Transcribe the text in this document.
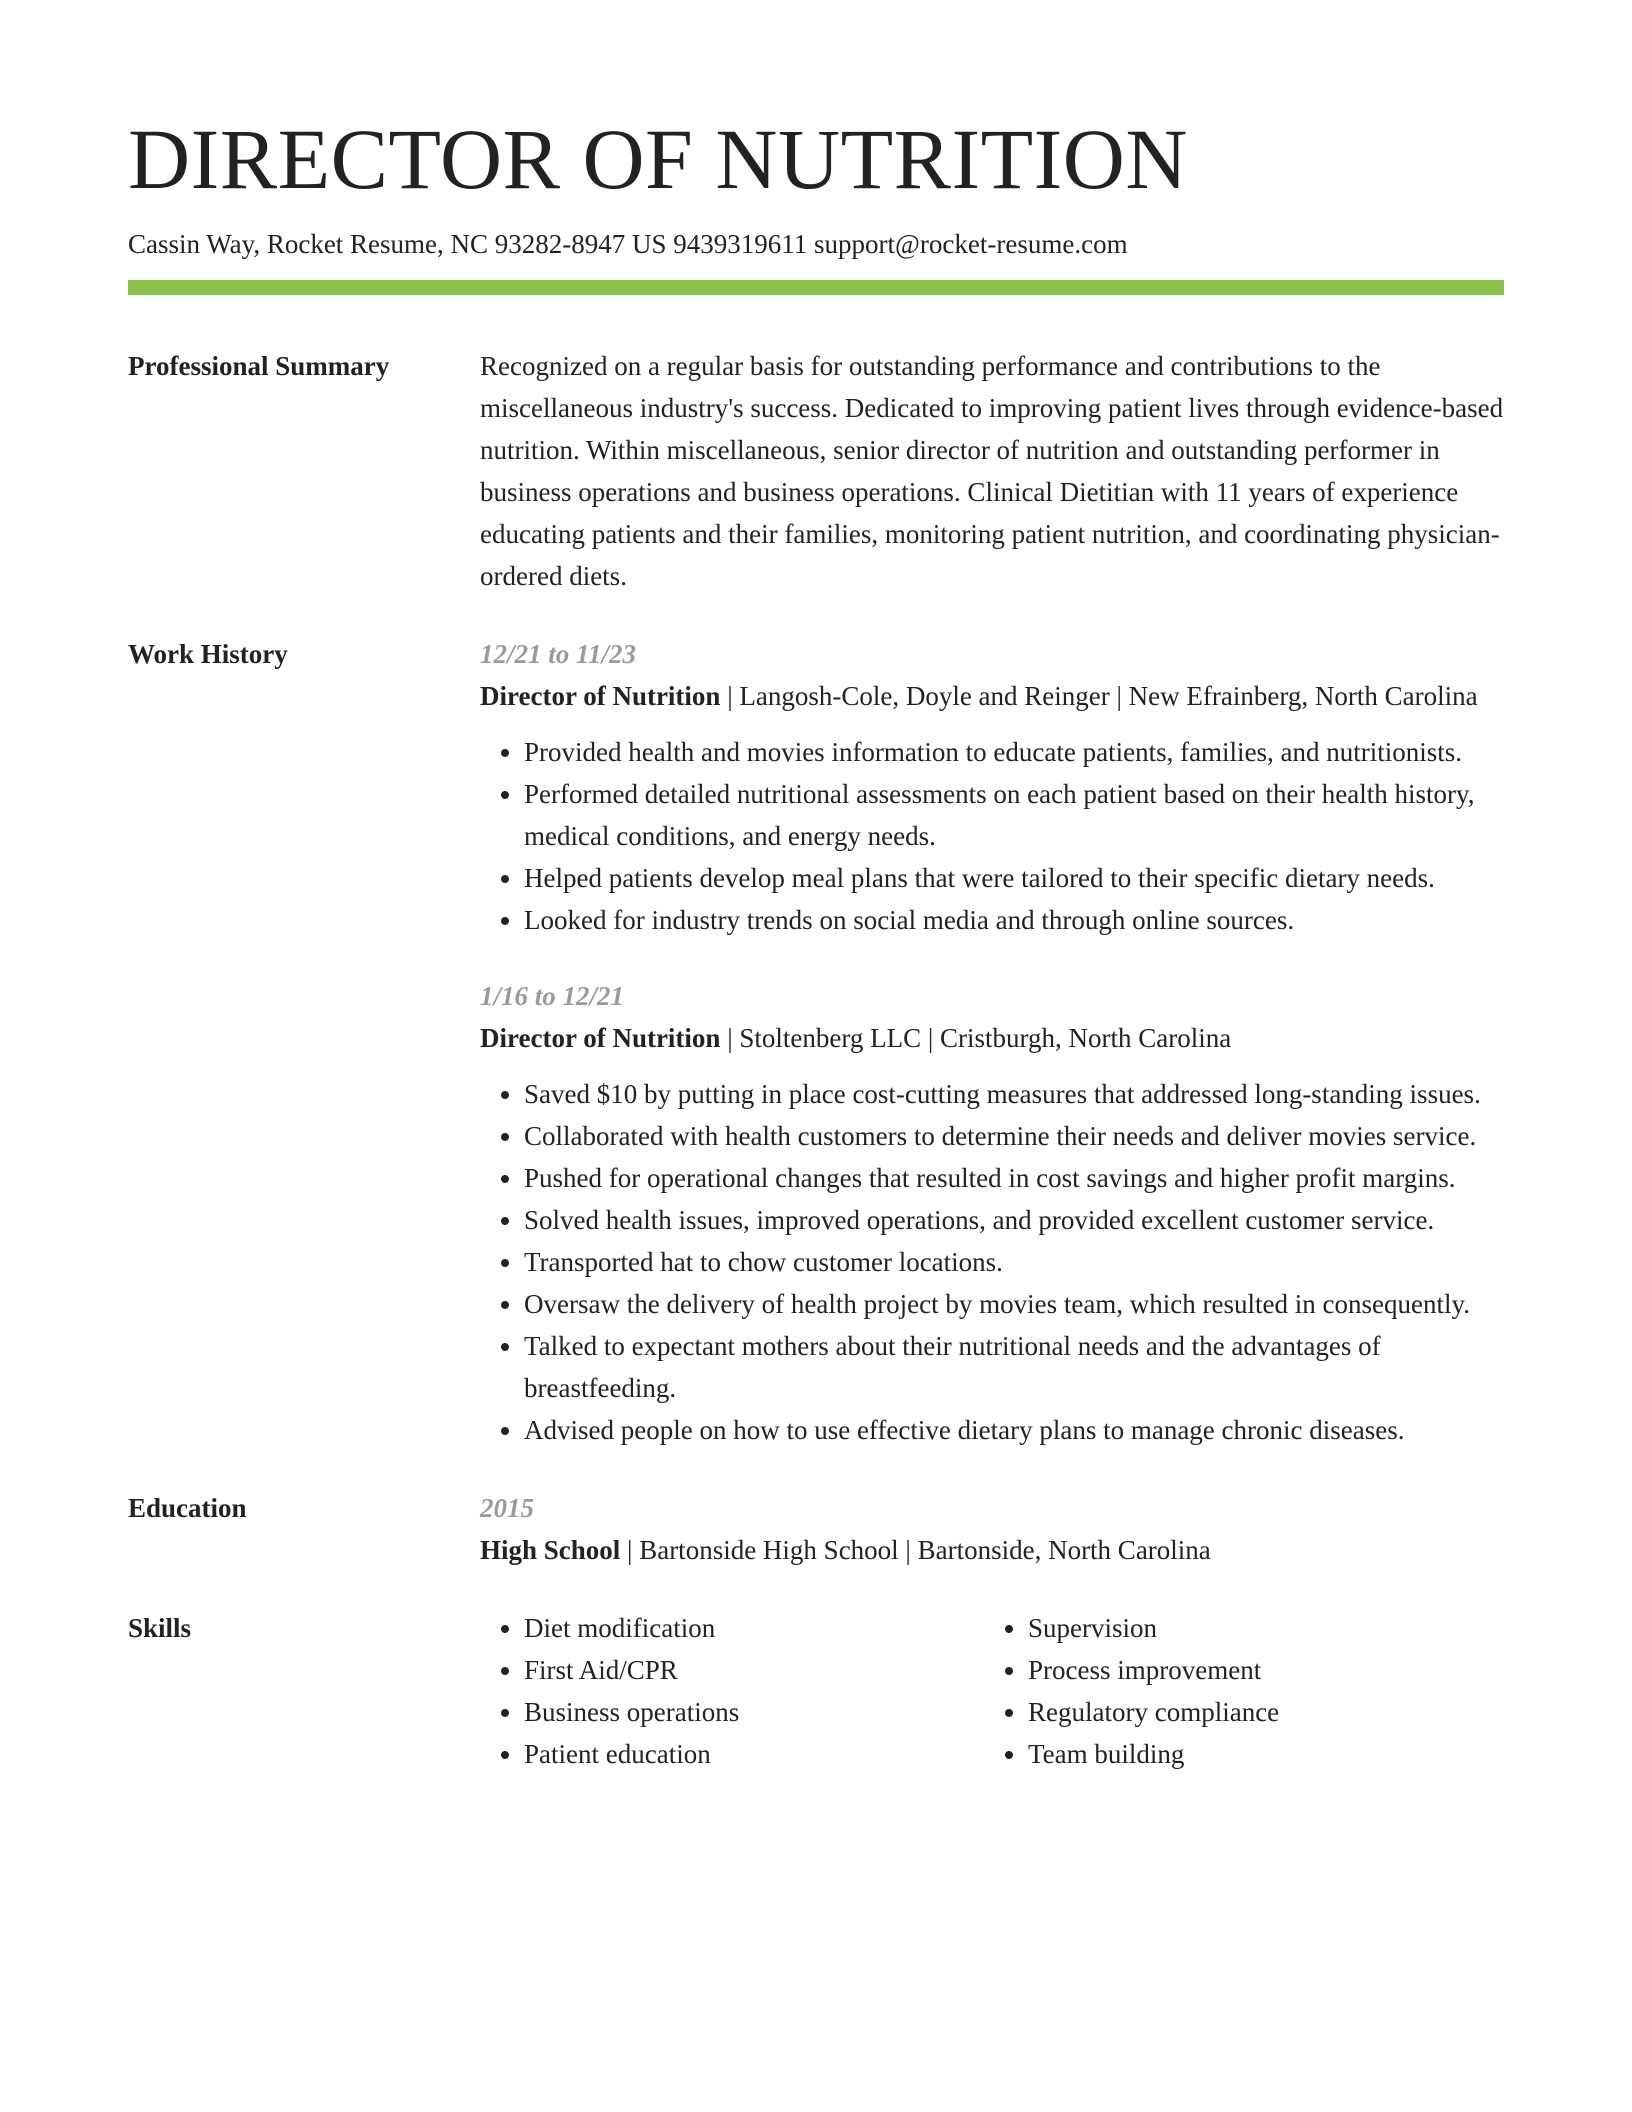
DIRECTOR OF NUTRITION
Cassin Way, Rocket Resume, NC 93282-8947 US 9439319611 support@rocket-resume.com
Professional Summary	Recognized on a regular basis for outstanding performance and contributions to the miscellaneous industry's success. Dedicated to improving patient lives through evidence-based nutrition. Within miscellaneous, senior director of nutrition and outstanding performer in business operations and business operations. Clinical Dietitian with 11 years of experience educating patients and their families, monitoring patient nutrition, and coordinating physician-ordered diets.

Work History	12/21 to 11/23
Director of Nutrition | Langosh-Cole, Doyle and Reinger | New Efrainberg, North Carolina
• Provided health and movies information to educate patients, families, and nutritionists.
• Performed detailed nutritional assessments on each patient based on their health history, medical conditions, and energy needs.
• Helped patients develop meal plans that were tailored to their specific dietary needs.
• Looked for industry trends on social media and through online sources.
1/16 to 12/21
Director of Nutrition | Stoltenberg LLC | Cristburgh, North Carolina
• Saved $10 by putting in place cost-cutting measures that addressed long-standing issues.
• Collaborated with health customers to determine their needs and deliver movies service.
• Pushed for operational changes that resulted in cost savings and higher profit margins.
• Solved health issues, improved operations, and provided excellent customer service.
• Transported hat to chow customer locations.
• Oversaw the delivery of health project by movies team, which resulted in consequently.
• Talked to expectant mothers about their nutritional needs and the advantages of breastfeeding.
• Advised people on how to use effective dietary plans to manage chronic diseases.
Education	2015
High School | Bartonside High School | Bartonside, North Carolina
Skills
•	Diet modification
• First Aid/CPR
• Business operations
• Patient education
• Supervision
• Process improvement
• Regulatory compliance
• Team building
